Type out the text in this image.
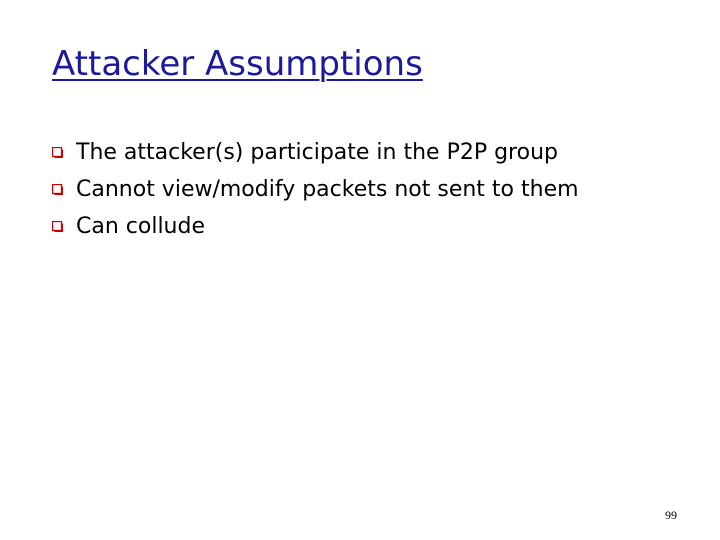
Attacker Assumptions
The attacker(s) participate in the P2P group
Cannot view/modify packets not sent to them
Can collude
99
